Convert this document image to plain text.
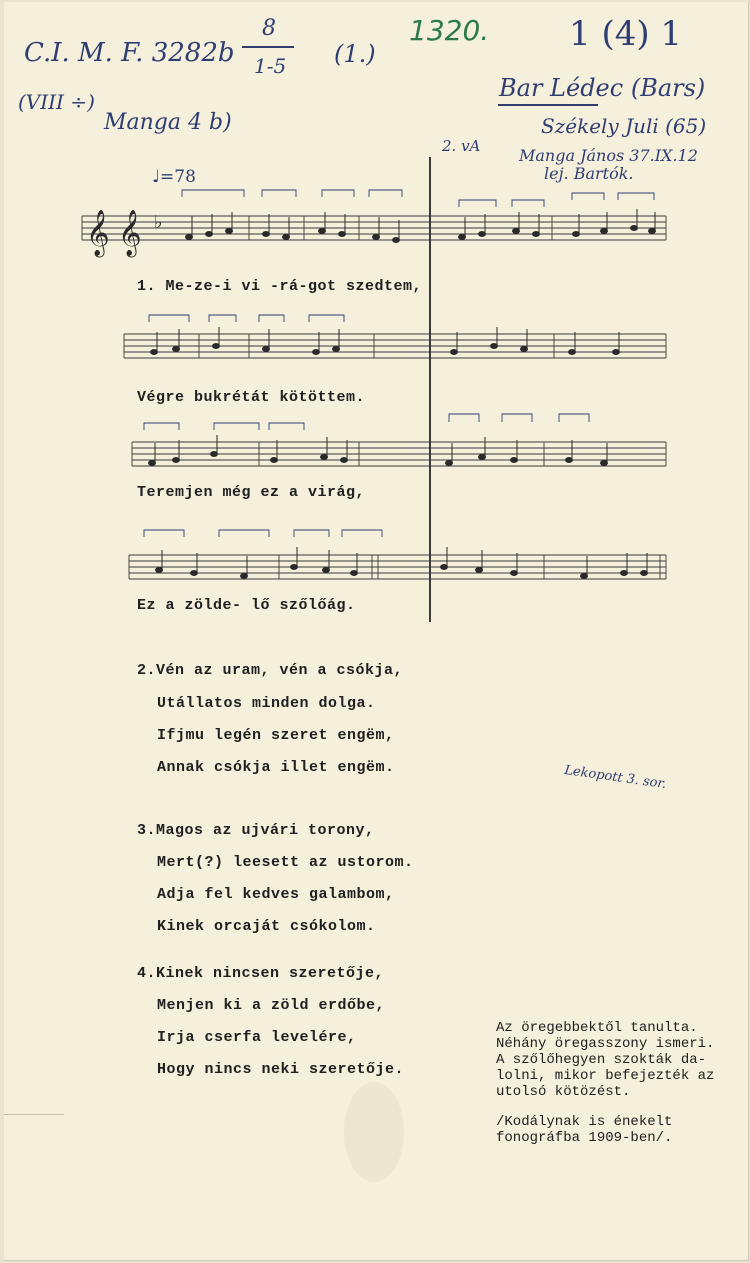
C.I. M. F. 3282b
8
1-5 (1.)
1320. 1 (4) 1
(VIII ÷)
Manga 4 b)
Bar Lédec (Bars)
Székely Juli (65)
Manga János 37.IX.12
lej. Bartók.
2. vA
♩=78
𝄞 𝄞 ♭
1. Me-ze-i vi -rá-got szedtem,
Végre bukrétát kötöttem.
Teremjen még ez a virág,
Ez a zölde- lő szőlőág.
2.Vén az uram, vén a csókja,
Utállatos minden dolga.
Ifjmu legén szeret engëm,
Annak csókja illet engëm.	Lekopott 3. sor.
3.Magos az ujvári torony,
Mert(?) leesett az ustorom.
Adja fel kedves galambom,
Kinek orcaját csókolom.
4.Kinek nincsen szeretője,
Menjen ki a zöld erdőbe,
Irja cserfa levelére,
Hogy nincs neki szeretője.
Az öregebbektől tanulta.
Néhány öregasszony ismeri.
A szőlőhegyen szokták da-
lolni, mikor befejezték az
utolsó kötözést.
/Kodálynak is énekelt
fonográfba 1909-ben/.
